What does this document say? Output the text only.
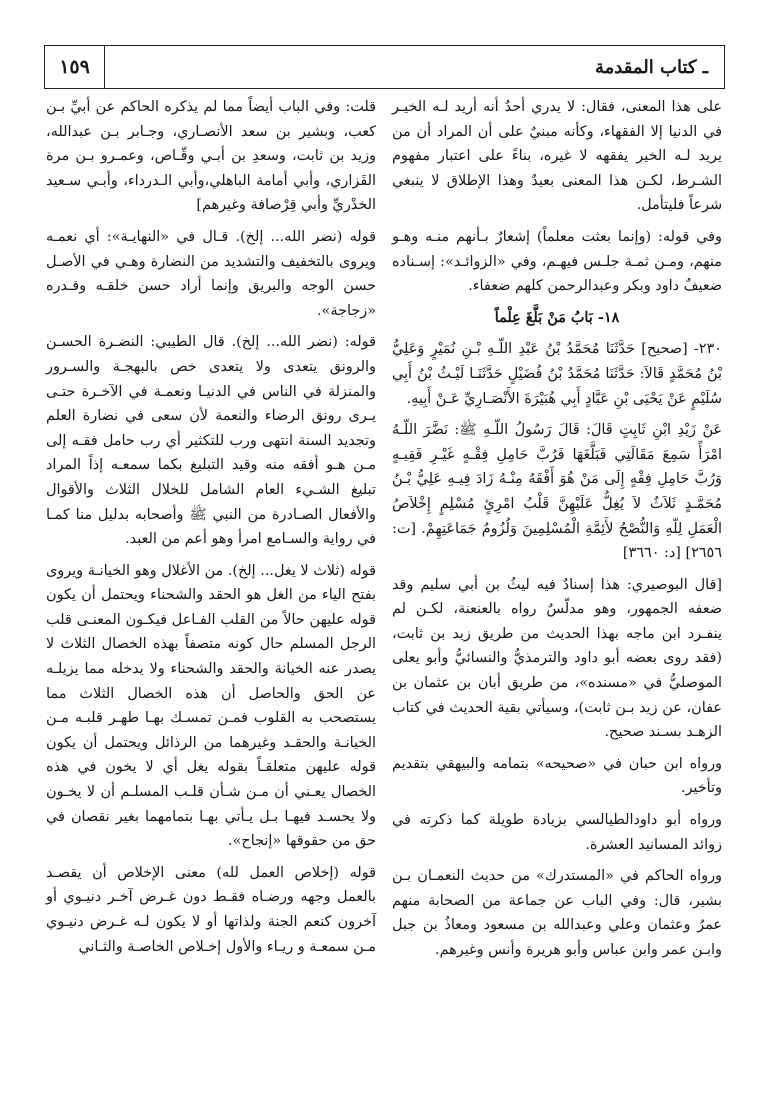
١٥٩	ـ كتاب المقدمة

على هذا المعنى، فقال: لا يدري أحدٌ أنه أريد لـه الخيـر في الدنيا إلا الفقهاء، وكأنه مبنيٌ على أن المراد أن من يريد لـه الخير يفقهه لا غيره، بناءً على اعتبار مفهوم الشـرط، لكـن هذا المعنى بعيدٌ وهذا الإطلاق لا ينبغي شرعاً فليتأمل.

وفي قوله: (وإنما بعثت معلماً) إشعارٌ بـأنهم منـه وهـو منهم، ومـن ثمـة جلـس فيهـم، وفي «الزوائـد»: إسـناده ضعيفٌ داود وبكر وعبدالرحمن كلهم ضعفاء.

١٨- بَابُ مَنْ بَلَّغَ عِلْماً

٢٣٠- [صحيح] حَدَّثَنَا مُحَمَّدُ بْنُ عَبْدِ اللّـهِ بْـنِ نُمَيْرٍ وَعَلِيُّ بْنُ مُحَمَّدٍ قَالاَ: حَدَّثَنَا مُحَمَّدُ بْنُ فُضَيْلٍ حَدَّثَنَـا لَيْـثُ بْنُ أَبِي سُلَيْمٍ عَنْ يَحْيَى بْنِ عَبَّادٍ أَبِي هُبَيْرَةَ الأَنْصَـارِيِّ عَـنْ أَبِيهِ.

عَنْ زَيْدِ ابْنِ ثَابِتٍ قَالَ: قَالَ رَسُولُ اللّـهِ ﷺ: نَضَّرَ اللّـهُ امْرَأً سَمِعَ مَقَالَتِي فَبَلَّغَهَا فَرُبَّ حَامِلِ فِقْـهٍ غَيْـرِ فَقِيـهٍ وَرُبَّ حَامِلِ فِقْهٍ إِلَى مَنْ هُوَ أَفْقَهُ مِنْـهُ زَادَ فِيـهِ عَلِيُّ بْـنُ مُحَمَّـدٍ ثَلاَثٌ لاَ يُغِلُّ عَلَيْهِنَّ قَلْبُ امْرِئٍ مُسْلِمٍ إِخْلاَصُ الْعَمَلِ لِلّهِ وَالنُّصْحُ لأَئِمَّةِ الْمُسْلِمِينَ وَلُزُومُ جَمَاعَتِهِمْ. [ت: ٢٦٥٦] [د: ٣٦٦٠]

[قال البوصيري: هذا إسنادٌ فيه ليثُ بن أبي سليم وقد ضعفه الجمهور، وهو مدلّسٌ رواه بالعنعنة، لكـن لم ينفـرد ابن ماجه بهذا الحديث من طريق زيد بن ثابت، (فقد روى بعضه أبو داود والترمذيُّ والنسائيُّ وأبو يعلى الموصليُّ في «مسنده»، من طريق أبان بن عثمان بن عفان، عن زيد بـن ثابت)، وسيأتي بقية الحديث في كتاب الزهـد بسـند صحيح.

ورواه ابن حبان في «صحيحه» بتمامه والبيهقي بتقديم وتأخير.

ورواه أبو داودالطيالسي بزيادة طويلة كما ذكرته في زوائد المسانيد العشرة.

ورواه الحاكم في «المستدرك» من حديث النعمـان بـن بشير، قال: وفي الباب عن جماعة من الصحابة منهم عمرُ وعثمان وعلي وعبدالله بن مسعود ومعاذُ بن جبل وابـن عمر وابن عباس وأبو هريرة وأنس وغيرهم.

قلت: وفي الباب أيضاً مما لم يذكره الحاكم عن أبيِّ بـن كعب، وبشير بن سعد الأنصـاري، وجـابر بـن عبدالله، وزيد بن ثابت، وسعدِ بن أبـي وقّـاص، وعمـرو بـن مرة القَزاري، وأبي أمامة الباهلي،وأبي الـدرداء، وأبـي سـعيد الخدْريِّ وأبي قِرْصافة وغيرهم]

قوله (نضر الله... إلخ). قـال في «النهايـة»: أي نعمـه ويروى بالتخفيف والتشديد من النضارة وهـي في الأصـل حسن الوجه والبريق وإنما أراد حسن خلقـه وقـدره «زجاجة».

قوله: (نضر الله... إلخ). قال الطيبي: النضـرة الحسـن والرونق يتعدى ولا يتعدى خص بالبهجـة والسـرور والمنزلة في الناس في الدنيـا ونعمـة في الآخـرة حتـى يـرى رونق الرضاء والنعمة لأن سعى في نضارة العلم وتجديد السنة انتهى ورب للتكثير أي رب حامل فقـه إلى مـن هـو أفقه منه وقيد التبليغ بكما سمعـه إذاً المراد تبليغ الشـيء العام الشامل للخلال الثلاث والأقوال والأفعال الصـادرة من النبي ﷺ وأصحابه بدليل منا كمـا في رواية والسـامع امرأ وهو أعم من العبد.

قوله (ثلاث لا يغل... إلخ). من الأغلال وهو الخيانـة ويروى بفتح الياء من الغل هو الحقد والشحناء ويحتمل أن يكون قوله عليهن حالاً من القلب الفـاعل فيكـون المعنـى قلب الرجل المسلم حال كونه متصفاً بهذه الخصال الثلاث لا يصدر عنه الخيانة والحقد والشحناء ولا يدخله مما يزيلـه عن الحق والحاصل أن هذه الخصال الثلاث مما يستصحب به القلوب فمـن تمسـك بهـا طهـر قلبـه مـن الخيانـة والحقـد وغيرهما من الرذائل ويحتمل أن يكون قوله عليهن متعلقـاً بقوله يغل أي لا يخون في هذه الخصال يعـني أن مـن شـأن قلـب المسلـم أن لا يخـون ولا يحسـد فيهـا بـل يـأتي بهـا بتمامهما بغير نقصان في حق من حقوقها «إنجاح».

قوله (إخلاص العمل لله) معنى الإخلاص أن يقصـد بالعمل وجهه ورضـاه فقـط دون غـرض آخـر دنيـوي أو آخرون كنعم الجنة ولذاتها أو لا يكون لـه غـرض دنيـوي مـن سمعـة و ريـاء والأول إخـلاص الخاصـة والثـاني
